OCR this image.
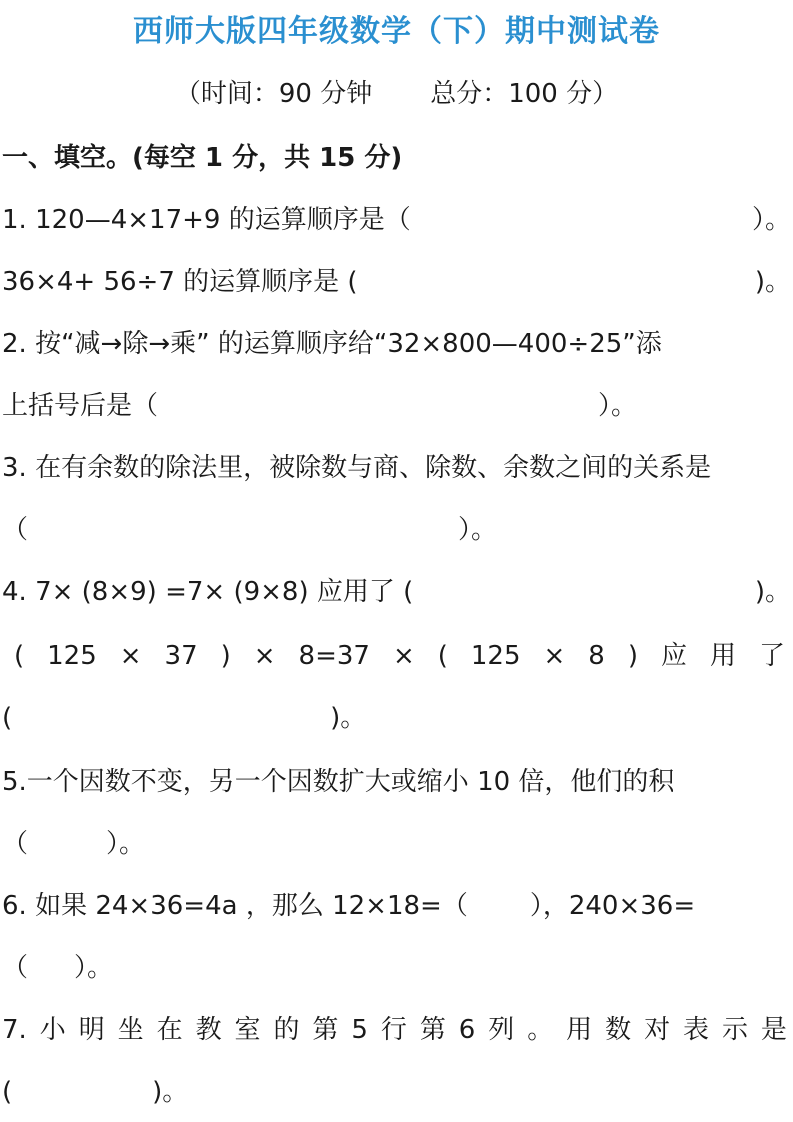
西师大版四年级数学（下）期中测试卷
（时间：90 分钟 总分：100 分）
一、填空。(每空 1 分，共 15 分)
1. 120—4×17+9 的运算顺序是（	）。
36×4+ 56÷7 的运算顺序是 (	)。
2. 按“减→除→乘” 的运算顺序给“32×800—400÷25”添
上括号后是（	）。
3. 在有余数的除法里，被除数与商、除数、余数之间的关系是
（	）。
4. 7× (8×9) =7× (9×8) 应用了 (	)。
( 125 × 37 ) × 8=37 × ( 125 × 8 ) 应 用 了
(	)。
5.一个因数不变，另一个因数扩大或缩小 10 倍，他们的积
（	）。
6. 如果 24×36=4a ，那么 12×18=（ ），240×36=
（ ）。
7. 小 明 坐 在 教 室 的 第 5 行 第 6 列 。 用 数 对 表 示 是
(	)。
